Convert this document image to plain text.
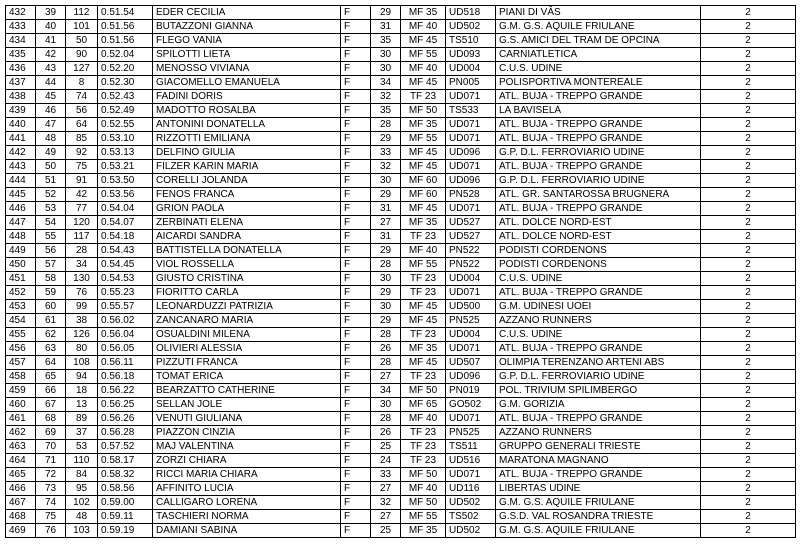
432	39	112	0.51.54	EDER CECILIA	F	29	MF 35	UD518	PIANI DI VÂS	2
433	40	101	0.51.56	BUTAZZONI GIANNA	F	31	MF 40	UD502	G.M. G.S. AQUILE FRIULANE	2
434	41	50	0.51.56	FLEGO VANIA	F	35	MF 45	TS510	G.S. AMICI DEL TRAM DE OPCINA	2
435	42	90	0.52.04	SPILOTTI LIETA	F	30	MF 55	UD093	CARNIATLETICA	2
436	43	127	0.52.20	MENOSSO VIVIANA	F	30	MF 40	UD004	C.U.S. UDINE	2
437	44	8	0.52.30	GIACOMELLO EMANUELA	F	34	MF 45	PN005	POLISPORTIVA MONTEREALE	2
438	45	74	0.52.43	FADINI DORIS	F	32	TF 23	UD071	ATL. BUJA - TREPPO GRANDE	2
439	46	56	0.52.49	MADOTTO ROSALBA	F	35	MF 50	TS533	LA BAVISELA	2
440	47	64	0.52.55	ANTONINI DONATELLA	F	28	MF 35	UD071	ATL. BUJA - TREPPO GRANDE	2
441	48	85	0.53.10	RIZZOTTI EMILIANA	F	29	MF 55	UD071	ATL. BUJA - TREPPO GRANDE	2
442	49	92	0.53.13	DELFINO GIULIA	F	33	MF 45	UD096	G.P. D.L. FERROVIARIO UDINE	2
443	50	75	0.53.21	FILZER KARIN MARIA	F	32	MF 45	UD071	ATL. BUJA - TREPPO GRANDE	2
444	51	91	0.53.50	CORELLI JOLANDA	F	30	MF 60	UD096	G.P. D.L. FERROVIARIO UDINE	2
445	52	42	0.53.56	FENOS FRANCA	F	29	MF 60	PN528	ATL. GR. SANTAROSSA BRUGNERA	2
446	53	77	0.54.04	GRION PAOLA	F	31	MF 45	UD071	ATL. BUJA - TREPPO GRANDE	2
447	54	120	0.54.07	ZERBINATI ELENA	F	27	MF 35	UD527	ATL. DOLCE NORD-EST	2
448	55	117	0.54.18	AICARDI SANDRA	F	31	TF 23	UD527	ATL. DOLCE NORD-EST	2
449	56	28	0.54.43	BATTISTELLA DONATELLA	F	29	MF 40	PN522	PODISTI CORDENONS	2
450	57	34	0.54.45	VIOL ROSSELLA	F	28	MF 55	PN522	PODISTI CORDENONS	2
451	58	130	0.54.53	GIUSTO CRISTINA	F	30	TF 23	UD004	C.U.S. UDINE	2
452	59	76	0.55.23	FIORITTO CARLA	F	29	TF 23	UD071	ATL. BUJA - TREPPO GRANDE	2
453	60	99	0.55.57	LEONARDUZZI PATRIZIA	F	30	MF 45	UD500	G.M. UDINESI UOEI	2
454	61	38	0.56.02	ZANCANARO MARIA	F	29	MF 45	PN525	AZZANO RUNNERS	2
455	62	126	0.56.04	OSUALDINI MILENA	F	28	TF 23	UD004	C.U.S. UDINE	2
456	63	80	0.56.05	OLIVIERI ALESSIA	F	26	MF 35	UD071	ATL. BUJA - TREPPO GRANDE	2
457	64	108	0.56.11	PIZZUTI FRANCA	F	28	MF 45	UD507	OLIMPIA TERENZANO ARTENI ABS	2
458	65	94	0.56.18	TOMAT ERICA	F	27	TF 23	UD096	G.P. D.L. FERROVIARIO UDINE	2
459	66	18	0.56.22	BEARZATTO CATHERINE	F	34	MF 50	PN019	POL. TRIVIUM SPILIMBERGO	2
460	67	13	0.56.25	SELLAN JOLE	F	30	MF 65	GO502	G.M. GORIZIA	2
461	68	89	0.56.26	VENUTI GIULIANA	F	28	MF 40	UD071	ATL. BUJA - TREPPO GRANDE	2
462	69	37	0.56.28	PIAZZON CINZIA	F	26	TF 23	PN525	AZZANO RUNNERS	2
463	70	53	0.57.52	MAJ VALENTINA	F	25	TF 23	TS511	GRUPPO GENERALI TRIESTE	2
464	71	110	0.58.17	ZORZI CHIARA	F	24	TF 23	UD516	MARATONA MAGNANO	2
465	72	84	0.58.32	RICCI MARIA CHIARA	F	33	MF 50	UD071	ATL. BUJA - TREPPO GRANDE	2
466	73	95	0.58.56	AFFINITO LUCIA	F	27	MF 40	UD116	LIBERTAS UDINE	2
467	74	102	0.59.00	CALLIGARO LORENA	F	32	MF 50	UD502	G.M. G.S. AQUILE FRIULANE	2
468	75	48	0.59.11	TASCHIERI NORMA	F	27	MF 55	TS502	G.S.D. VAL ROSANDRA TRIESTE	2
469	76	103	0.59.19	DAMIANI SABINA	F	25	MF 35	UD502	G.M. G.S. AQUILE FRIULANE	2
